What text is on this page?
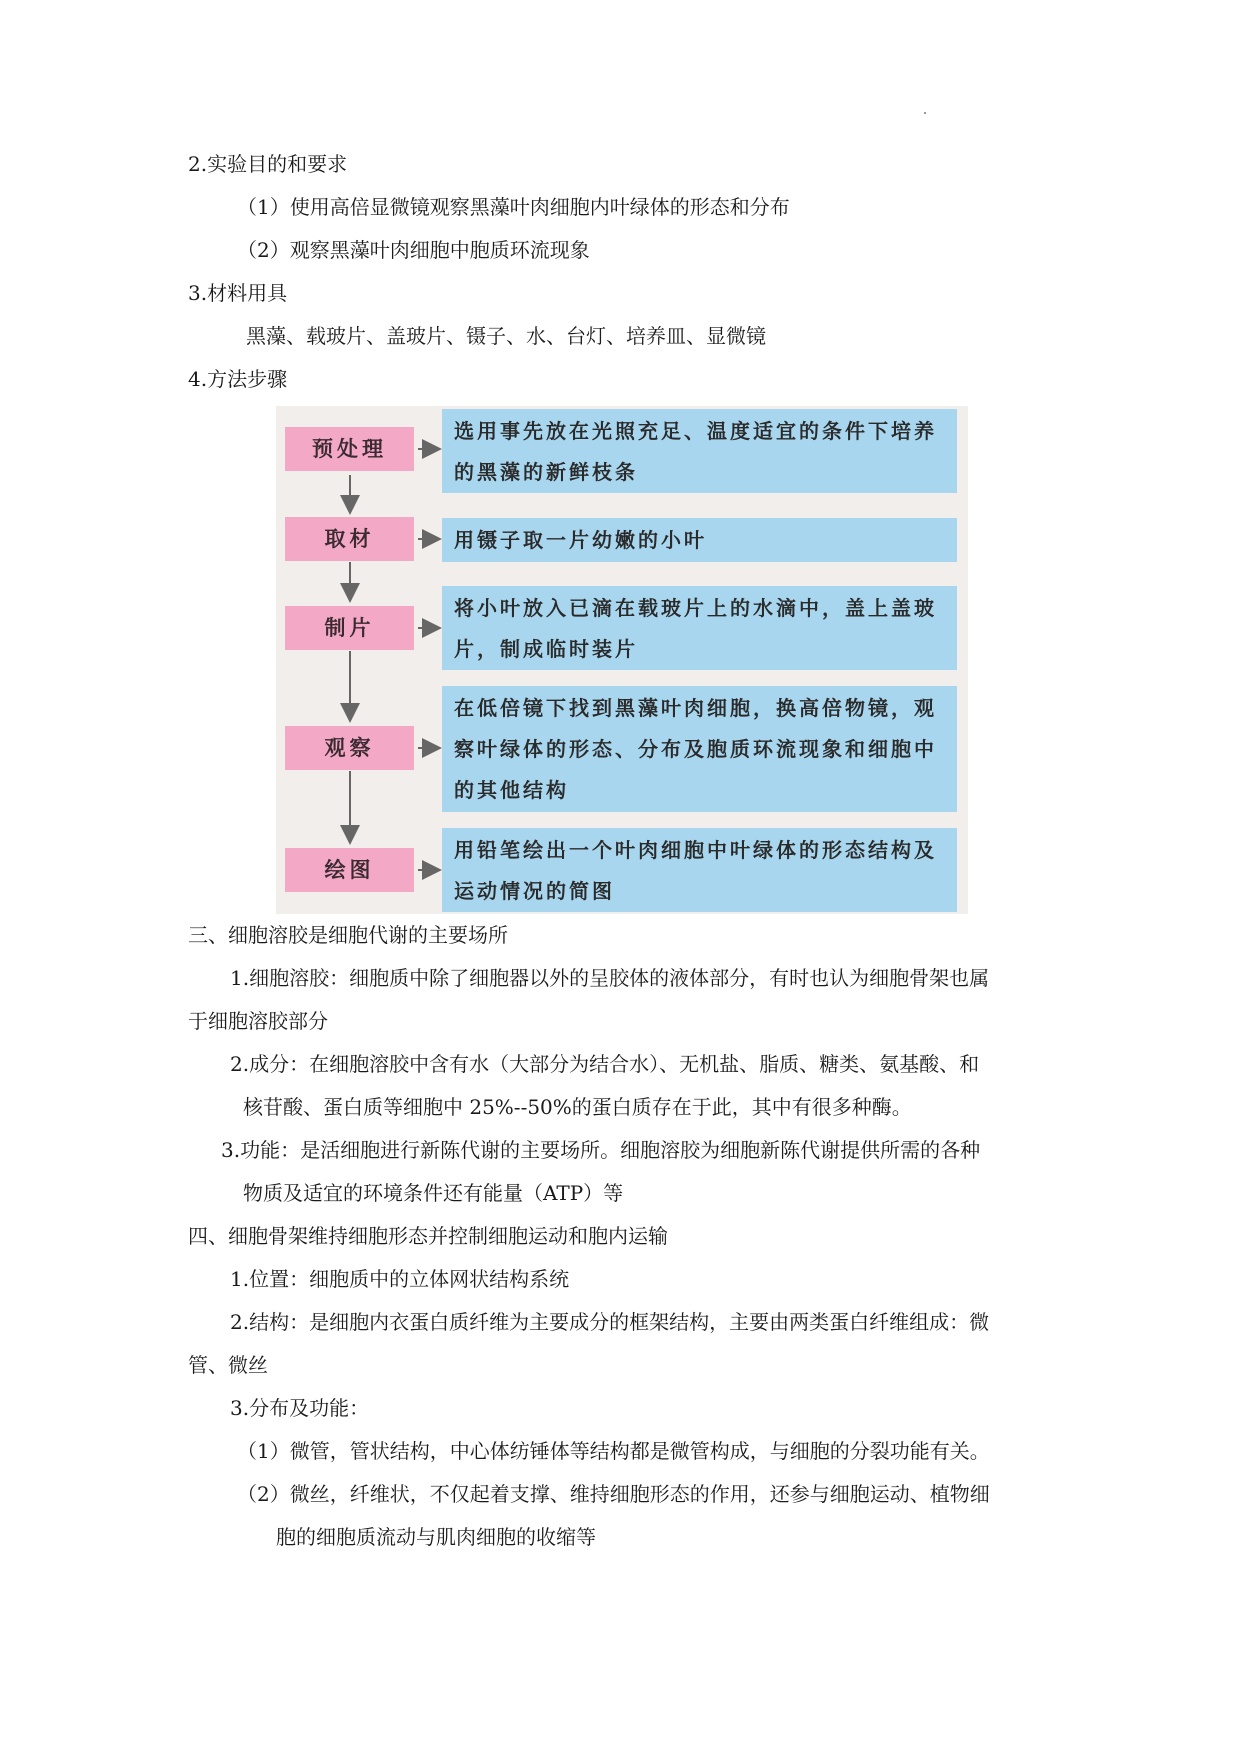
2.实验目的和要求
（1）使用高倍显微镜观察黑藻叶肉细胞内叶绿体的形态和分布
（2）观察黑藻叶肉细胞中胞质环流现象
3.材料用具
黑藻、载玻片、盖玻片、镊子、水、台灯、培养皿、显微镜
4.方法步骤
预处理
选用事先放在光照充足、温度适宜的条件下培养的黑藻的新鲜枝条
取材	用镊子取一片幼嫩的小叶
制片
将小叶放入已滴在载玻片上的水滴中，盖上盖玻片，制成临时装片
观察
在低倍镜下找到黑藻叶肉细胞，换高倍物镜，观察叶绿体的形态、分布及胞质环流现象和细胞中的其他结构
绘图
用铅笔绘出一个叶肉细胞中叶绿体的形态结构及运动情况的简图
三、细胞溶胶是细胞代谢的主要场所
1.细胞溶胶：细胞质中除了细胞器以外的呈胶体的液体部分，有时也认为细胞骨架也属
于细胞溶胶部分
2.成分：在细胞溶胶中含有水（大部分为结合水）、无机盐、脂质、糖类、氨基酸、和
核苷酸、蛋白质等细胞中 25%--50%的蛋白质存在于此，其中有很多种酶。
3.功能：是活细胞进行新陈代谢的主要场所。细胞溶胶为细胞新陈代谢提供所需的各种
物质及适宜的环境条件还有能量（ATP）等
四、细胞骨架维持细胞形态并控制细胞运动和胞内运输
1.位置：细胞质中的立体网状结构系统
2.结构：是细胞内衣蛋白质纤维为主要成分的框架结构，主要由两类蛋白纤维组成：微
管、微丝
3.分布及功能：
（1）微管，管状结构，中心体纺锤体等结构都是微管构成，与细胞的分裂功能有关。
（2）微丝，纤维状，不仅起着支撑、维持细胞形态的作用，还参与细胞运动、植物细
胞的细胞质流动与肌肉细胞的收缩等
